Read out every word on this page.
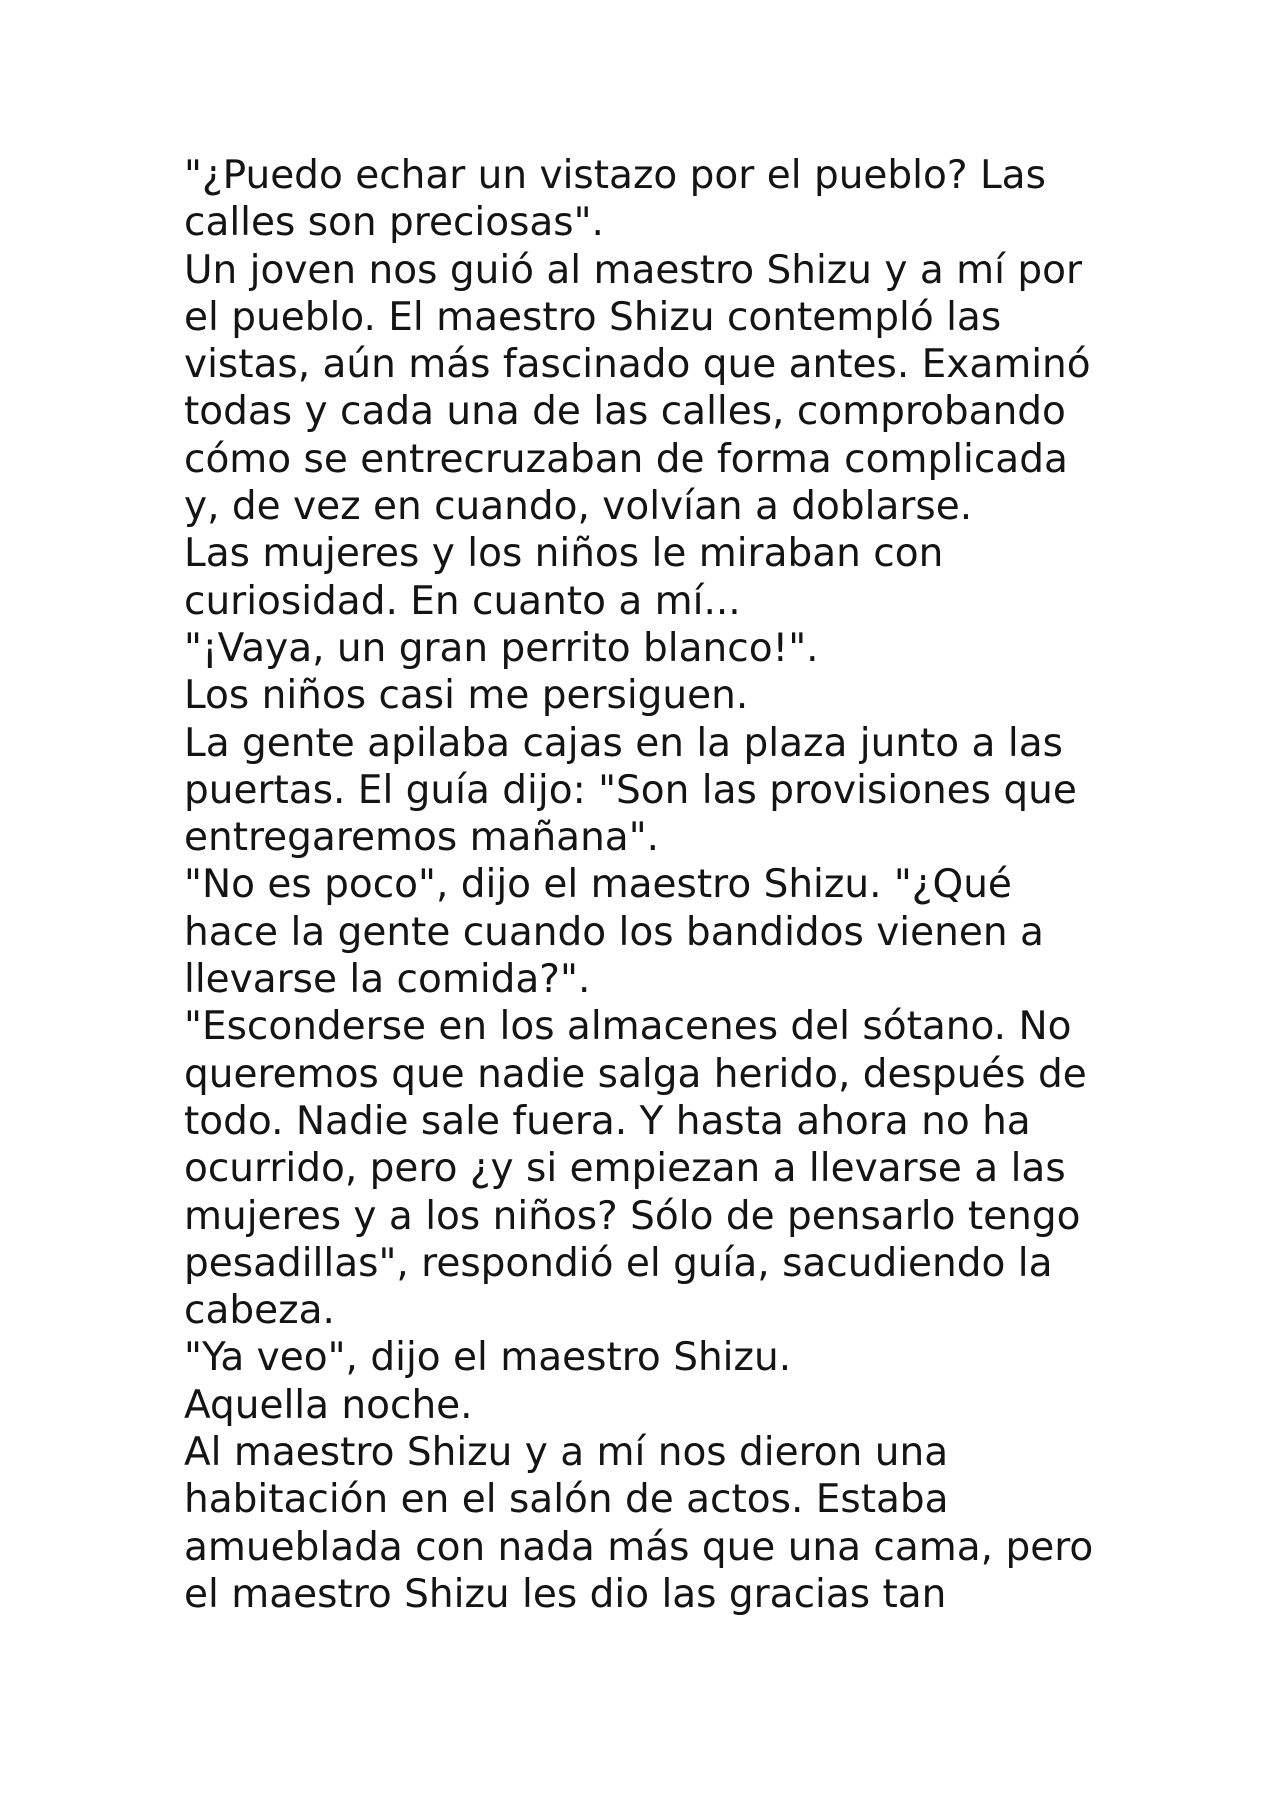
"¿Puedo echar un vistazo por el pueblo? Las
calles son preciosas".
Un joven nos guió al maestro Shizu y a mí por
el pueblo. El maestro Shizu contempló las
vistas, aún más fascinado que antes. Examinó
todas y cada una de las calles, comprobando
cómo se entrecruzaban de forma complicada
y, de vez en cuando, volvían a doblarse.
Las mujeres y los niños le miraban con
curiosidad. En cuanto a mí...
"¡Vaya, un gran perrito blanco!".
Los niños casi me persiguen.
La gente apilaba cajas en la plaza junto a las
puertas. El guía dijo: "Son las provisiones que
entregaremos mañana".
"No es poco", dijo el maestro Shizu. "¿Qué
hace la gente cuando los bandidos vienen a
llevarse la comida?".
"Esconderse en los almacenes del sótano. No
queremos que nadie salga herido, después de
todo. Nadie sale fuera. Y hasta ahora no ha
ocurrido, pero ¿y si empiezan a llevarse a las
mujeres y a los niños? Sólo de pensarlo tengo
pesadillas", respondió el guía, sacudiendo la
cabeza.
"Ya veo", dijo el maestro Shizu.
Aquella noche.
Al maestro Shizu y a mí nos dieron una
habitación en el salón de actos. Estaba
amueblada con nada más que una cama, pero
el maestro Shizu les dio las gracias tan
